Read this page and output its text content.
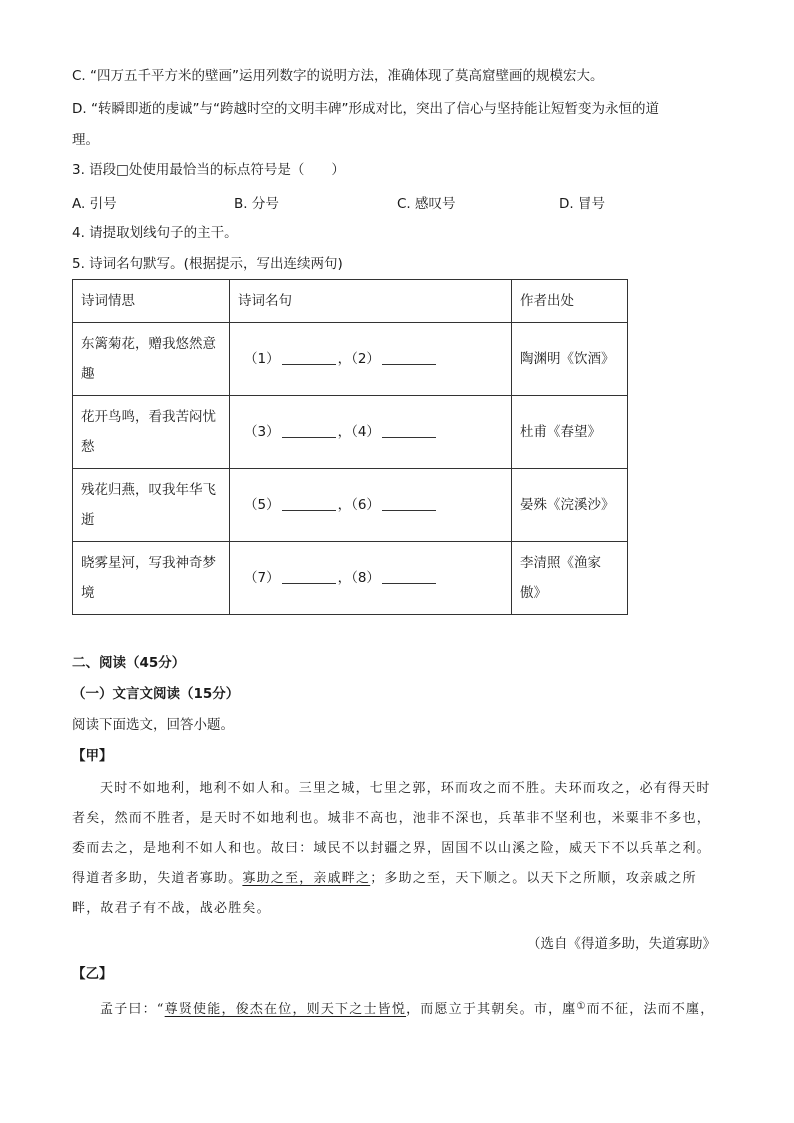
C. “四万五千平方米的壁画”运用列数字的说明方法，准确体现了莫高窟壁画的规模宏大。
D. “转瞬即逝的虔诚”与“跨越时空的文明丰碑”形成对比，突出了信心与坚持能让短暂变为永恒的道
理。
3. 语段□处使用最恰当的标点符号是（　　）
A. 引号	B. 分号	C. 感叹号	D. 冒号
4. 请提取划线句子的主干。
5. 诗词名句默写。(根据提示，写出连续两句)
诗词情思	诗词名句	作者出处
东篱菊花，赠我悠然意趣	（1） ，（2）	陶渊明《饮酒》
花开鸟鸣，看我苦闷忧愁	（3） ，（4）	杜甫《春望》
残花归燕，叹我年华飞逝	（5） ，（6）	晏殊《浣溪沙》
晓雾星河，写我神奇梦境	（7） ，（8）	李清照《渔家傲》
二、阅读（45分）
（一）文言文阅读（15分）
阅读下面选文，回答小题。
【甲】
天时不如地利，地利不如人和。三里之城，七里之郭，环而攻之而不胜。夫环而攻之，必有得天时者矣，然而不胜者，是天时不如地利也。城非不高也，池非不深也，兵革非不坚利也，米粟非不多也，委而去之，是地利不如人和也。故曰：域民不以封疆之界，固国不以山溪之险，威天下不以兵革之利。得道者多助，失道者寡助。寡助之至，亲戚畔之；多助之至，天下顺之。以天下之所顺，攻亲戚之所畔，故君子有不战，战必胜矣。
（选自《得道多助，失道寡助》
【乙】
孟子曰：“尊贤使能，俊杰在位，则天下之士皆悦，而愿立于其朝矣。市，廛①而不征，法而不廛，
